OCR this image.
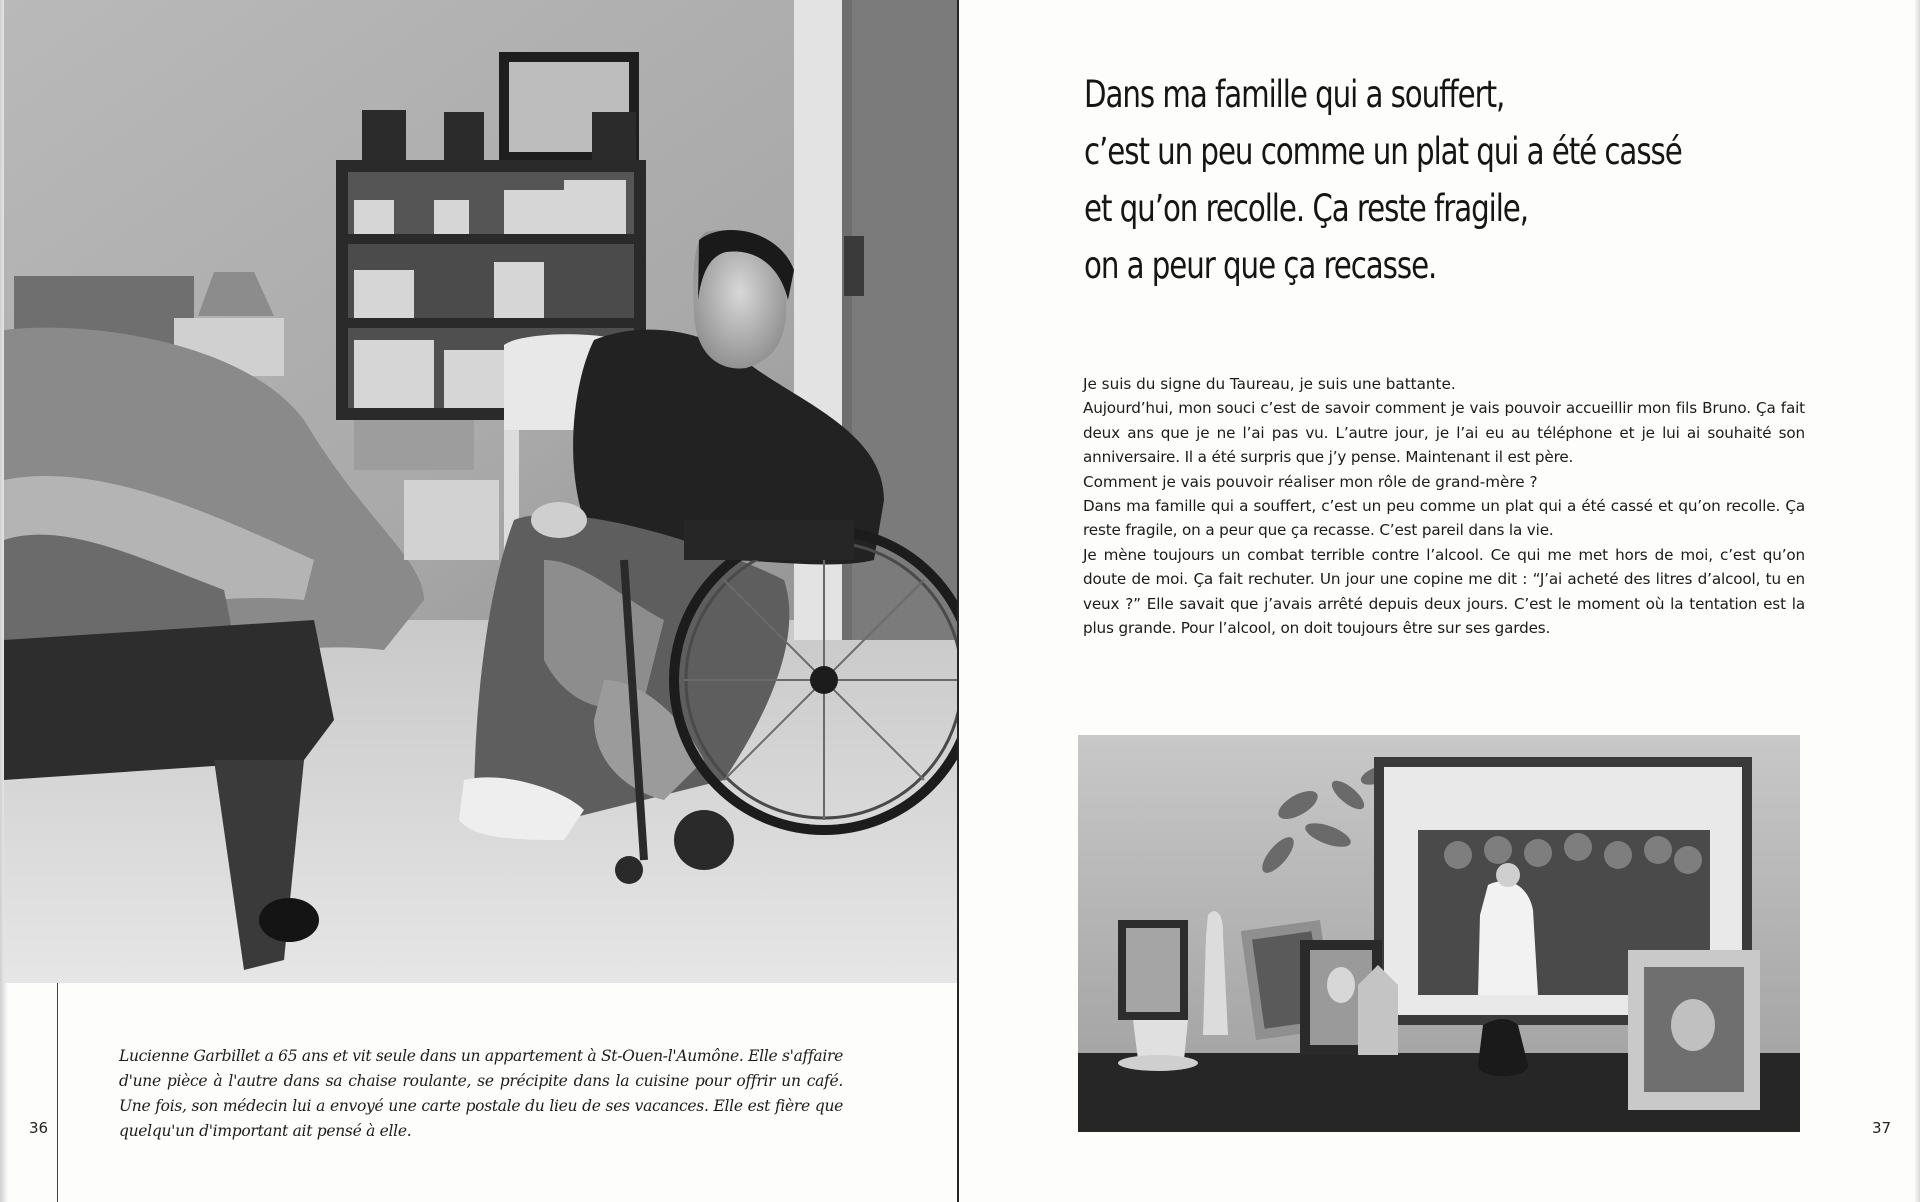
Lucienne Garbillet a 65 ans et vit seule dans un appartement à St-Ouen-l'Aumône. Elle s'affaire d'une pièce à l'autre dans sa chaise roulante, se précipite dans la cuisine pour offrir un café. Une fois, son médecin lui a envoyé une carte postale du lieu de ses vacances. Elle est fière que quelqu'un d'important ait pensé à elle.

36
Dans ma famille qui a souffert,
c’est un peu comme un plat qui a été cassé
et qu’on recolle. Ça reste fragile,
on a peur que ça recasse.

Je suis du signe du Taureau, je suis une battante.

Aujourd’hui, mon souci c’est de savoir comment je vais pouvoir accueillir mon fils Bruno. Ça fait deux ans que je ne l’ai pas vu. L’autre jour, je l’ai eu au téléphone et je lui ai souhaité son anniversaire. Il a été surpris que j’y pense. Maintenant il est père.

Comment je vais pouvoir réaliser mon rôle de grand-mère ?

Dans ma famille qui a souffert, c’est un peu comme un plat qui a été cassé et qu’on recolle. Ça reste fragile, on a peur que ça recasse. C’est pareil dans la vie.

Je mène toujours un combat terrible contre l’alcool. Ce qui me met hors de moi, c’est qu’on doute de moi. Ça fait rechuter. Un jour une copine me dit : “J’ai acheté des litres d’alcool, tu en veux ?” Elle savait que j’avais arrêté depuis deux jours. C’est le moment où la tentation est la plus grande. Pour l’alcool, on doit toujours être sur ses gardes.

37
